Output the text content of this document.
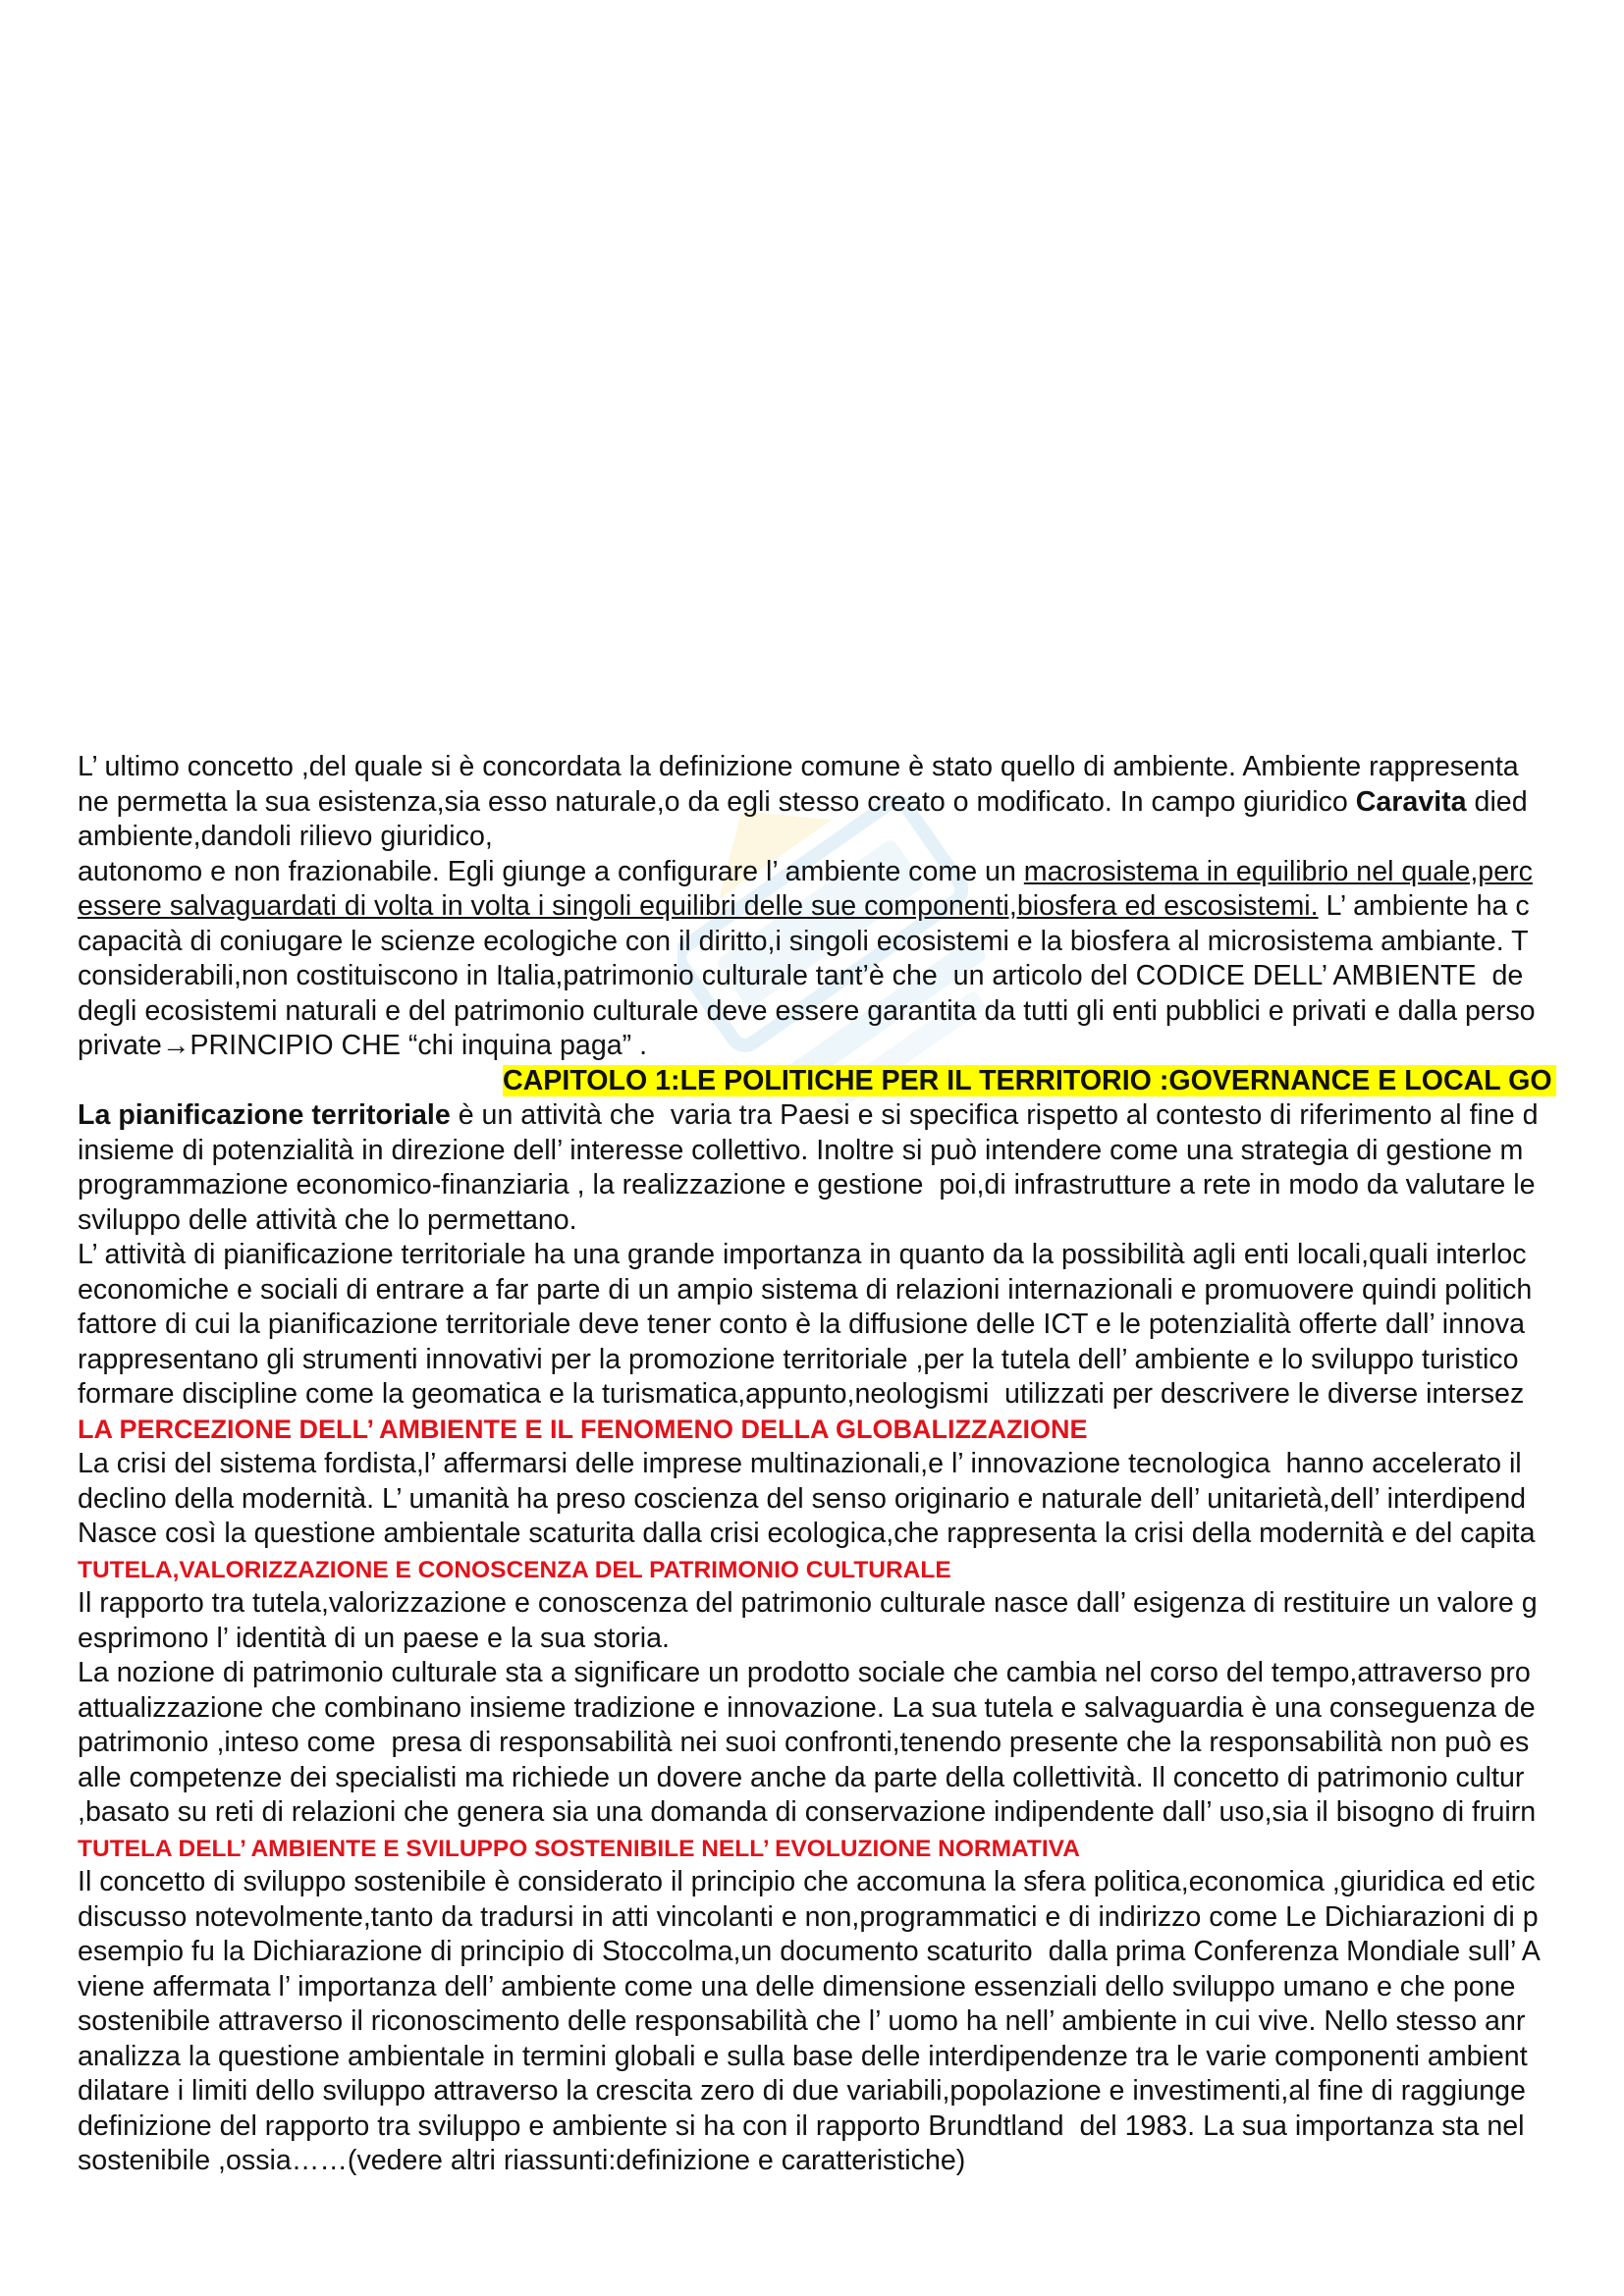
L’ ultimo concetto ,del quale si è concordata la definizione comune è stato quello di ambiente. Ambiente rappresenta
ne permetta la sua esistenza,sia esso naturale,o da egli stesso creato o modificato. In campo giuridico Caravita died
ambiente,dandoli rilievo giuridico,
autonomo e non frazionabile. Egli giunge a configurare l’ ambiente come un macrosistema in equilibrio nel quale,perc
essere salvaguardati di volta in volta i singoli equilibri delle sue componenti,biosfera ed escosistemi. L’ ambiente ha c
capacità di coniugare le scienze ecologiche con il diritto,i singoli ecosistemi e la biosfera al microsistema ambiante. T
considerabili,non costituiscono in Italia,patrimonio culturale tant’è che  un articolo del CODICE DELL’ AMBIENTE  de
degli ecosistemi naturali e del patrimonio culturale deve essere garantita da tutti gli enti pubblici e privati e dalla perso
private→PRINCIPIO CHE “chi inquina paga” .
CAPITOLO 1:LE POLITICHE PER IL TERRITORIO :GOVERNANCE E LOCAL GO
La pianificazione territoriale è un attività che  varia tra Paesi e si specifica rispetto al contesto di riferimento al fine d
insieme di potenzialità in direzione dell’ interesse collettivo. Inoltre si può intendere come una strategia di gestione m
programmazione economico-finanziaria , la realizzazione e gestione  poi,di infrastrutture a rete in modo da valutare le
sviluppo delle attività che lo permettano.
L’ attività di pianificazione territoriale ha una grande importanza in quanto da la possibilità agli enti locali,quali interloc
economiche e sociali di entrare a far parte di un ampio sistema di relazioni internazionali e promuovere quindi politich
fattore di cui la pianificazione territoriale deve tener conto è la diffusione delle ICT e le potenzialità offerte dall’ innova
rappresentano gli strumenti innovativi per la promozione territoriale ,per la tutela dell’ ambiente e lo sviluppo turistico
formare discipline come la geomatica e la turismatica,appunto,neologismi  utilizzati per descrivere le diverse intersez
LA PERCEZIONE DELL’ AMBIENTE E IL FENOMENO DELLA GLOBALIZZAZIONE
La crisi del sistema fordista,l’ affermarsi delle imprese multinazionali,e l’ innovazione tecnologica  hanno accelerato il
declino della modernità. L’ umanità ha preso coscienza del senso originario e naturale dell’ unitarietà,dell’ interdipend
Nasce così la questione ambientale scaturita dalla crisi ecologica,che rappresenta la crisi della modernità e del capita
TUTELA,VALORIZZAZIONE E CONOSCENZA DEL PATRIMONIO CULTURALE
Il rapporto tra tutela,valorizzazione e conoscenza del patrimonio culturale nasce dall’ esigenza di restituire un valore g
esprimono l’ identità di un paese e la sua storia.
La nozione di patrimonio culturale sta a significare un prodotto sociale che cambia nel corso del tempo,attraverso pro
attualizzazione che combinano insieme tradizione e innovazione. La sua tutela e salvaguardia è una conseguenza de
patrimonio ,inteso come  presa di responsabilità nei suoi confronti,tenendo presente che la responsabilità non può es
alle competenze dei specialisti ma richiede un dovere anche da parte della collettività. Il concetto di patrimonio cultur
,basato su reti di relazioni che genera sia una domanda di conservazione indipendente dall’ uso,sia il bisogno di fruirn
TUTELA DELL’ AMBIENTE E SVILUPPO SOSTENIBILE NELL’ EVOLUZIONE NORMATIVA
Il concetto di sviluppo sostenibile è considerato il principio che accomuna la sfera politica,economica ,giuridica ed etic
discusso notevolmente,tanto da tradursi in atti vincolanti e non,programmatici e di indirizzo come Le Dichiarazioni di p
esempio fu la Dichiarazione di principio di Stoccolma,un documento scaturito  dalla prima Conferenza Mondiale sull’ A
viene affermata l’ importanza dell’ ambiente come una delle dimensione essenziali dello sviluppo umano e che pone
sostenibile attraverso il riconoscimento delle responsabilità che l’ uomo ha nell’ ambiente in cui vive. Nello stesso anr
analizza la questione ambientale in termini globali e sulla base delle interdipendenze tra le varie componenti ambient
dilatare i limiti dello sviluppo attraverso la crescita zero di due variabili,popolazione e investimenti,al fine di raggiunge
definizione del rapporto tra sviluppo e ambiente si ha con il rapporto Brundtland  del 1983. La sua importanza sta nel
sostenibile ,ossia……(vedere altri riassunti:definizione e caratteristiche)
